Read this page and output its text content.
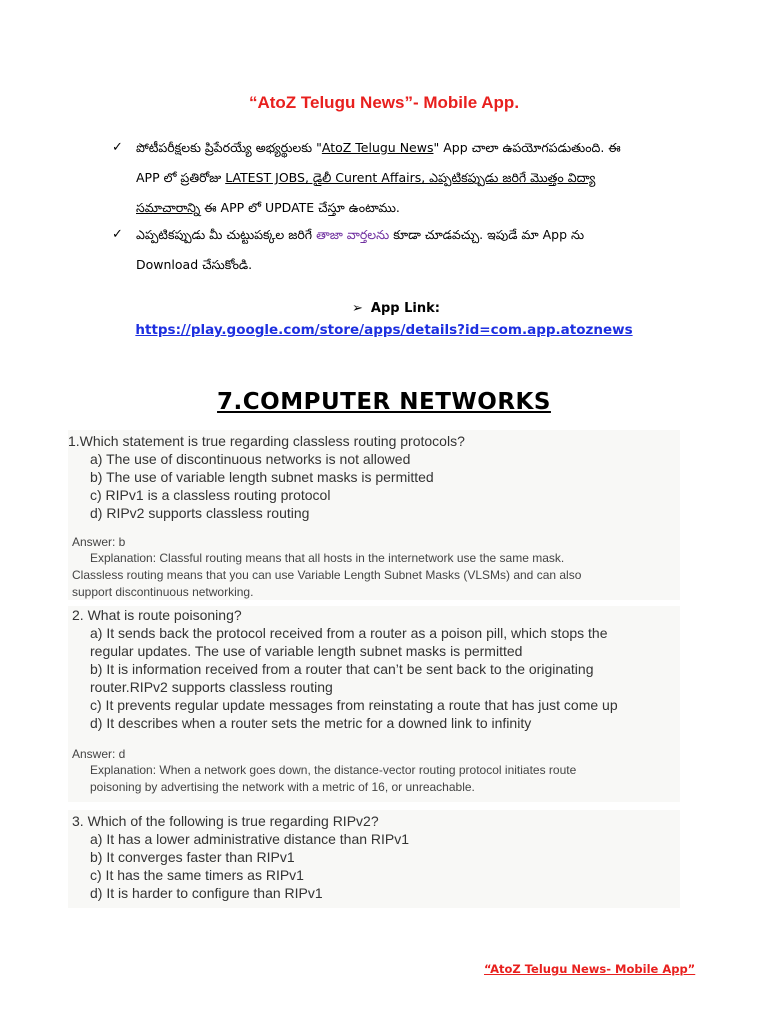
“AtoZ Telugu News”- Mobile App.
✓ పోటీపరీక్షలకు ప్రిపేరయ్యే అభ్యర్థులకు "AtoZ Telugu News" App చాలా ఉపయోగపడుతుంది. ఈ
APP లో ప్రతిరోజు LATEST JOBS, డైలీ Curent Affairs, ఎప్పటికప్పుడు జరిగే మొత్తం విద్యా
సమాచారాన్ని ఈ APP లో UPDATE చేస్తూ ఉంటాము.
✓ ఎప్పటికప్పుడు మీ చుట్టుపక్కల జరిగే తాజా వార్తలను కూడా చూడవచ్చు. ఇపుడే మా App ను
Download చేసుకోండి.
➢ App Link:
https://play.google.com/store/apps/details?id=com.app.atoznews
7.COMPUTER NETWORKS
1.Which statement is true regarding classless routing protocols?
a) The use of discontinuous networks is not allowed
b) The use of variable length subnet masks is permitted
c) RIPv1 is a classless routing protocol
d) RIPv2 supports classless routing
Answer: b
Explanation: Classful routing means that all hosts in the internetwork use the same mask.
Classless routing means that you can use Variable Length Subnet Masks (VLSMs) and can also
support discontinuous networking.
2. What is route poisoning?
a) It sends back the protocol received from a router as a poison pill, which stops the
regular updates. The use of variable length subnet masks is permitted
b) It is information received from a router that can’t be sent back to the originating
router.RIPv2 supports classless routing
c) It prevents regular update messages from reinstating a route that has just come up
d) It describes when a router sets the metric for a downed link to infinity
Answer: d
Explanation: When a network goes down, the distance-vector routing protocol initiates route
poisoning by advertising the network with a metric of 16, or unreachable.
3. Which of the following is true regarding RIPv2?
a) It has a lower administrative distance than RIPv1
b) It converges faster than RIPv1
c) It has the same timers as RIPv1
d) It is harder to configure than RIPv1
“AtoZ Telugu News- Mobile App”
